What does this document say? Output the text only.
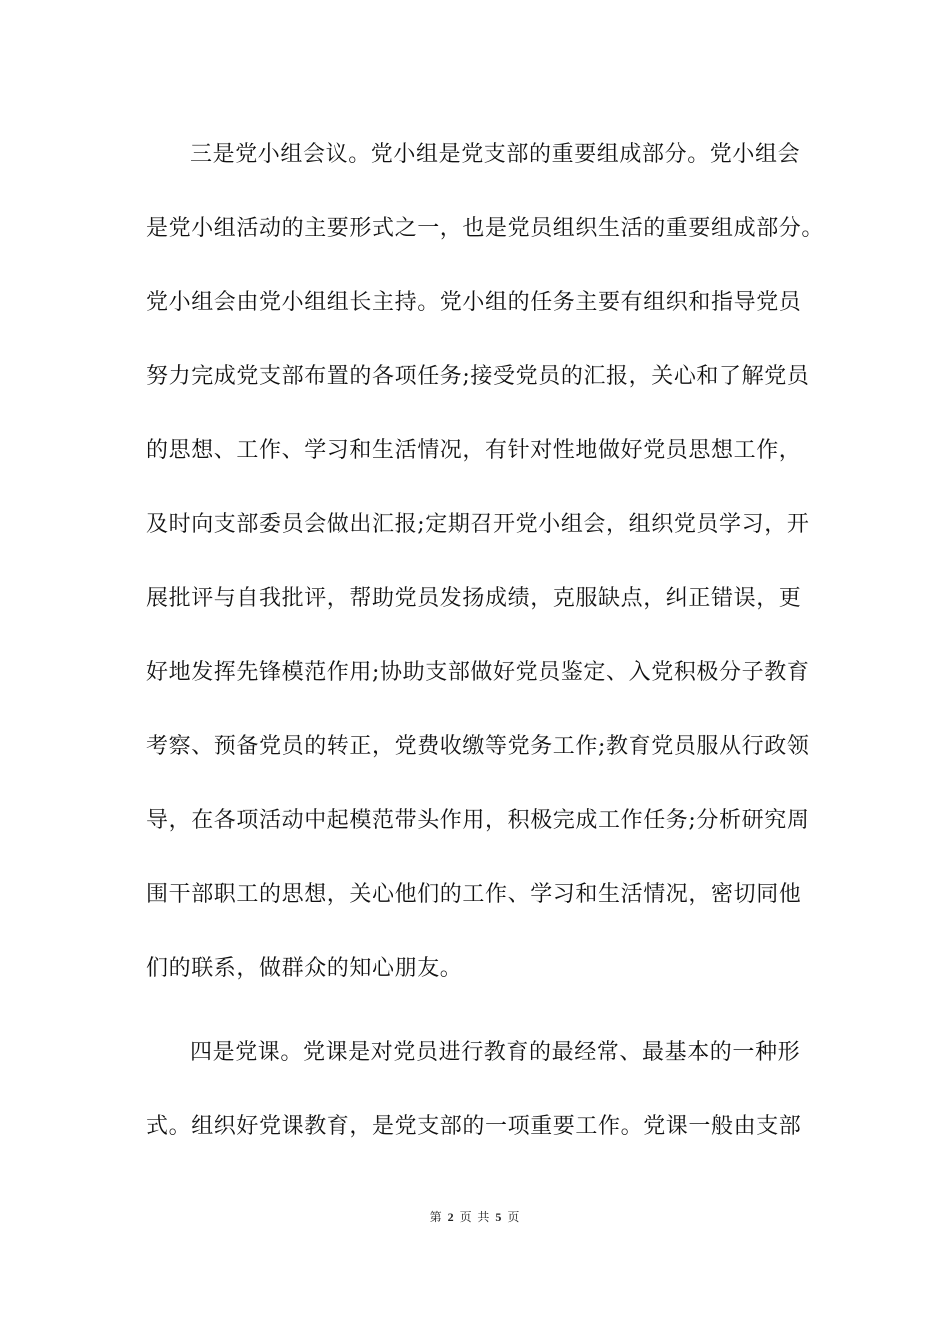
三是党小组会议。党小组是党支部的重要组成部分。党小组会
是党小组活动的主要形式之一，也是党员组织生活的重要组成部分。
党小组会由党小组组长主持。党小组的任务主要有组织和指导党员
努力完成党支部布置的各项任务;接受党员的汇报，关心和了解党员
的思想、工作、学习和生活情况，有针对性地做好党员思想工作，
及时向支部委员会做出汇报;定期召开党小组会，组织党员学习，开
展批评与自我批评，帮助党员发扬成绩，克服缺点，纠正错误，更
好地发挥先锋模范作用;协助支部做好党员鉴定、入党积极分子教育
考察、预备党员的转正，党费收缴等党务工作;教育党员服从行政领
导，在各项活动中起模范带头作用，积极完成工作任务;分析研究周
围干部职工的思想，关心他们的工作、学习和生活情况，密切同他
们的联系，做群众的知心朋友。
四是党课。党课是对党员进行教育的最经常、最基本的一种形
式。组织好党课教育，是党支部的一项重要工作。党课一般由支部
第 2 页 共 5 页
